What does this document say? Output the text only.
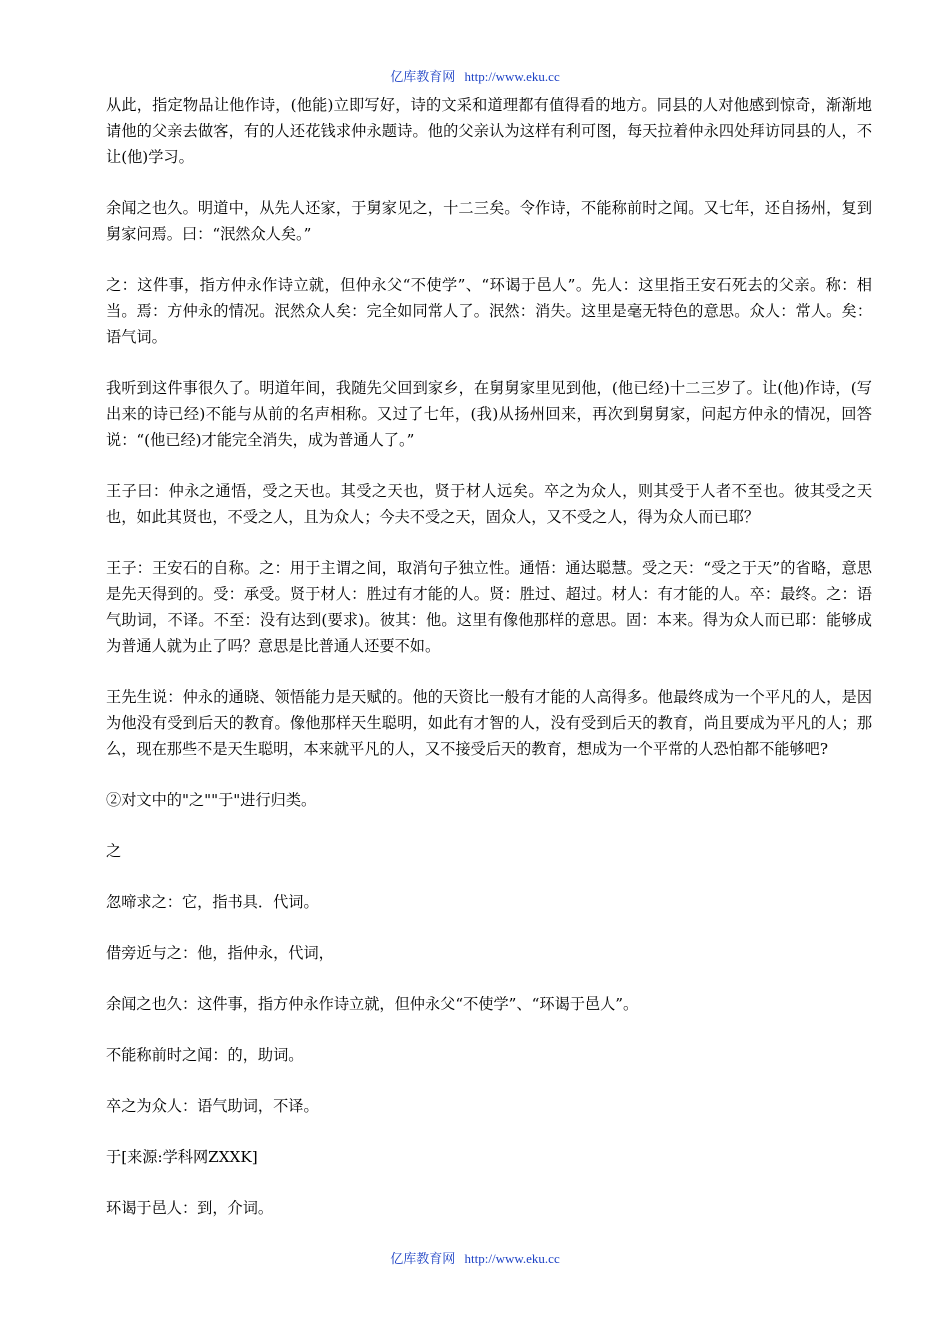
亿库教育网 http://www.eku.cc

从此，指定物品让他作诗，(他能)立即写好，诗的文采和道理都有值得看的地方。同县的人对他感到惊奇，渐渐地请他的父亲去做客，有的人还花钱求仲永题诗。他的父亲认为这样有利可图，每天拉着仲永四处拜访同县的人，不让(他)学习。

余闻之也久。明道中，从先人还家，于舅家见之，十二三矣。令作诗，不能称前时之闻。又七年，还自扬州，复到舅家问焉。曰：“泯然众人矣。”

之：这件事，指方仲永作诗立就，但仲永父“不使学”、“环谒于邑人”。先人：这里指王安石死去的父亲。称：相当。焉：方仲永的情况。泯然众人矣：完全如同常人了。泯然：消失。这里是毫无特色的意思。众人：常人。矣：语气词。

我听到这件事很久了。明道年间，我随先父回到家乡，在舅舅家里见到他，(他已经)十二三岁了。让(他)作诗，(写出来的诗已经)不能与从前的名声相称。又过了七年，(我)从扬州回来，再次到舅舅家，问起方仲永的情况，回答说：“(他已经)才能完全消失，成为普通人了。”

王子曰：仲永之通悟，受之天也。其受之天也，贤于材人远矣。卒之为众人，则其受于人者不至也。彼其受之天也，如此其贤也，不受之人，且为众人；今夫不受之天，固众人，又不受之人，得为众人而已耶？

王子：王安石的自称。之：用于主谓之间，取消句子独立性。通悟：通达聪慧。受之天：“受之于天”的省略，意思是先天得到的。受：承受。贤于材人：胜过有才能的人。贤：胜过、超过。材人：有才能的人。卒：最终。之：语气助词，不译。不至：没有达到(要求)。彼其：他。这里有像他那样的意思。固：本来。得为众人而已耶：能够成为普通人就为止了吗？意思是比普通人还要不如。

王先生说：仲永的通晓、领悟能力是天赋的。他的天资比一般有才能的人高得多。他最终成为一个平凡的人，是因为他没有受到后天的教育。像他那样天生聪明，如此有才智的人，没有受到后天的教育，尚且要成为平凡的人；那么，现在那些不是天生聪明，本来就平凡的人，又不接受后天的教育，想成为一个平常的人恐怕都不能够吧?

②对文中的"之""于"进行归类。

之

忽啼求之：它，指书具．代词。

借旁近与之：他，指仲永，代词，

余闻之也久：这件事，指方仲永作诗立就，但仲永父“不使学”、“环谒于邑人”。

不能称前时之闻：的，助词。

卒之为众人：语气助词，不译。

于[来源:学科网ZXXK]

环谒于邑人：到，介词。

亿库教育网 http://www.eku.cc
